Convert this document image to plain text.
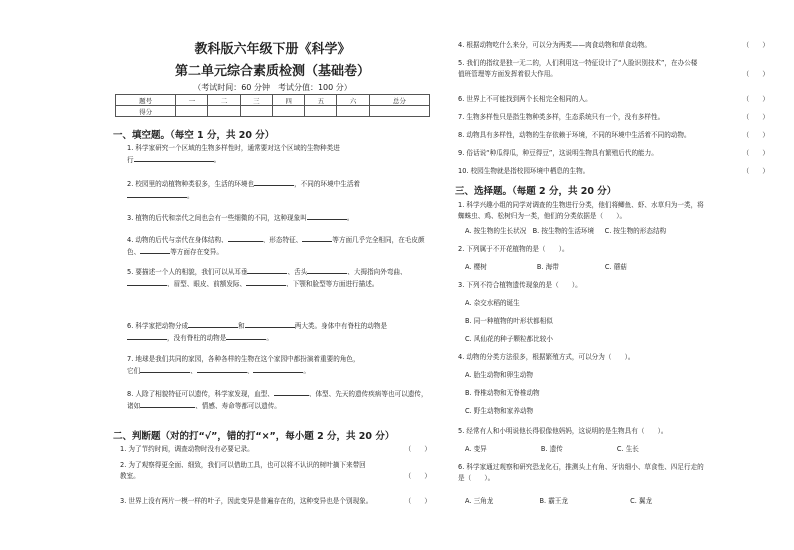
教科版六年级下册《科学》
第二单元综合素质检测（基础卷）
（考试时间：60 分钟　考试分值：100 分）
题号	一	二	三	四	五	六	总分
得分							
一、填空题。（每空 1 分，共 20 分）
1. 科学家研究一个区域的生物多样性时，通常要对这个区域的生物种类进
行	。
2. 校园里的动植物种类很多，生活的环境也	，不同的环境中生活着
。
3. 植物的后代和亲代之间也会有一些细微的不同，这种现象叫	。
4. 动物的后代与亲代在身体结构、	、形态特征、	等方面几乎完全相同，在毛皮颜色、	等方面存在变异。
5. 要描述一个人的相貌，我们可以从耳垂	、舌头	、大拇指向外弯曲、、眉型、眼皮、前额发际、	、下颚和脸型等方面进行描述。
6. 科学家把动物分成	和	两大类。身体中有脊柱的动物是
，没有脊柱的动物是	。
7. 地球是我们共同的家园，各种各样的生物在这个家园中都扮演着重要的角色，
它们	、	、	。
8. 人除了相貌特征可以遗传，科学家发现，血型、	、体型、先天的遗传疾病等也可以遗传，诸如	、情感、寿命等都可以遗传。
二、判断题（对的打“√”，错的打“×”，每小题 2 分，共 20 分）
1. 为了节约时间，调查动物时没有必要记录。	（　　）
2. 为了观察得更全面、细致，我们可以借助工具，也可以将不认识的树叶摘下来带回
教室。	（　　）
3. 世界上没有两片一模一样的叶子，因此变异是普遍存在的，这种变异也是个别现象。	（　　）
4. 根据动物吃什么来分，可以分为两类——肉食动物和草食动物。	（　　）
5. 我们的指纹是独一无二的，人们利用这一特征设计了“人脸识别技术”，在办公楼
值班管理等方面发挥着很大作用。	（　　）
6. 世界上不可能找到两个长相完全相同的人。	（　　）
7. 生物多样性只是指生物种类多样，生态系统只有一个，没有多样性。	（　　）
8. 动物具有多样性，动物的生存依赖于环境，不同的环境中生活着不同的动物。	（　　）
9. 俗话说“种瓜得瓜，种豆得豆”，这说明生物具有繁殖后代的能力。	（　　）
10. 校园生物就是指校园环境中栖息的生物。	（　　）
三、选择题。（每题 2 分，共 20 分）
1. 科学兴趣小组的同学对调查的生物进行分类，他们将鲫鱼、虾、水草归为一类，将
蜘蛛虫、鸡、松树归为一类，他们的分类依据是（　　）。
A. 按生物的生长状况 B. 按生物的生活环境 C. 按生物的形态结构
2. 下列属于不开花植物的是（　　）。
A. 樱树	B. 海带	C. 蘑菇
3. 下列不符合植物遗传现象的是（　　）。
A. 杂交水稻的诞生
B. 同一种植物的叶形状都相似
C. 风仙花的种子颗粒都比较小
4. 动物的分类方法很多，根据繁殖方式，可以分为（　　）。
A. 胎生动物和卵生动物
B. 脊椎动物和无脊椎动物
C. 野生动物和家养动物
5. 经常有人和小明说他长得很像他妈妈，这说明的是生物具有（　　）。
A. 变异	B. 遗传	C. 生长
6. 科学家通过观察和研究恐龙化石，推测头上有角、牙齿细小、草食性、四足行走的
是（　　）。
A. 三角龙	B. 霸王龙	C. 翼龙
